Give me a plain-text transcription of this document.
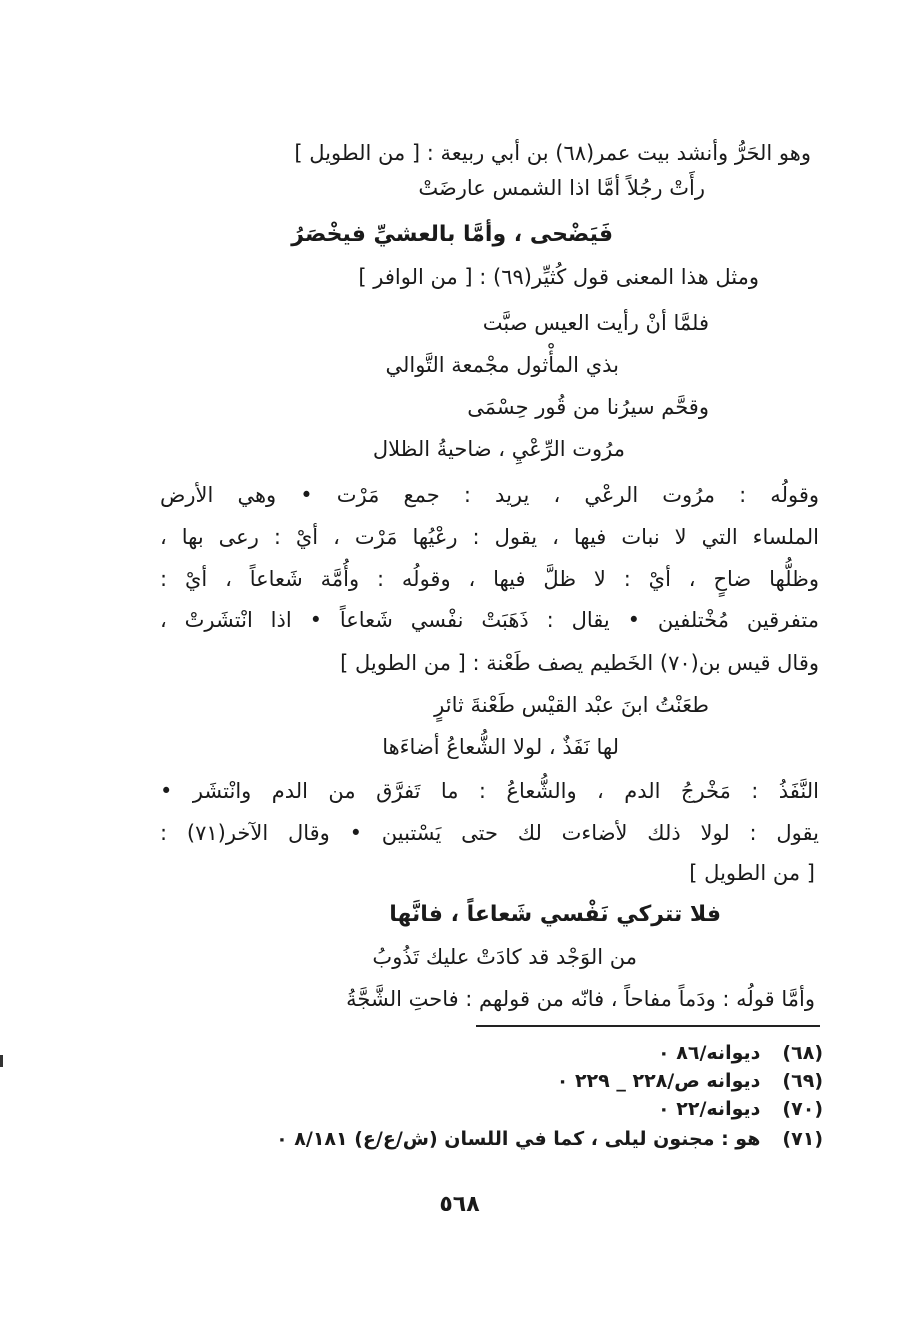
وهو الحَرُّ وأنشد بيت عمر(٦٨) بن أبي ربيعة : [ من الطويل ]
رأَتْ رجُلاً أمَّا اذا الشمس عارضَتْ
فَيَضْحى ، وأمَّا بالعشيِّ فيخْصَرُ
ومثل هذا المعنى قول كُثيِّر(٦٩) : [ من الوافر ]
فلمَّا أنْ رأيت العيس صبَّت
بذي المأْثول مجْمعة التَّوالي
وقحَّم سيرُنا من قُور حِسْمَى
مرُوت الرِّعْيِ ، ضاحيةُ الظلال
وقولُه : مرُوت الرعْي ، يريد : جمع مَرْت • وهي الأرض
الملساء التي لا نبات فيها ، يقول : رعْيُها مَرْت ، أيْ : رعى بها ،
وظلُّها ضاحٍ ، أيْ : لا ظلَّ فيها ، وقولُه : وأُمَّة شَعاعاً ، أيْ :
متفرقين مُخْتلفين • يقال : ذَهَبَتْ نفْسي شَعاعاً • اذا انْتشَرتْ ،
وقال قيس بن(٧٠) الخَطيم يصف طَعْنة : [ من الطويل ]
طعَنْتُ ابنَ عبْد القيْس طَعْنةَ ثائرٍ
لها نَفَذٌ ، لولا الشُّعاعُ أضاءَها
النَّفَذُ : مَخْرجُ الدم ، والشُّعاعُ : ما تَفرَّق من الدم وانْتشَر •
يقول : لولا ذلك لأضاءت لك حتى يَسْتبين • وقال الآخر(٧١) :
[ من الطويل ]
فلا تتركي نَفْسي شَعاعاً ، فانَّها
من الوَجْد قد كادَتْ عليك تَذُوبُ
وأمَّا قولُه : ودَماً مفاحاً ، فانّه من قولهم : فاحتِ الشَّجَّةُ
(٦٨) ديوانه/٨٦ ٠
(٦٩) ديوانه ص/٢٢٨ _ ٢٢٩ ٠
(٧٠) ديوانه/٢٢ ٠
(٧١) هو : مجنون ليلى ، كما في اللسان (ش/ع/ع) ٨/١٨١ ٠
٥٦٨
